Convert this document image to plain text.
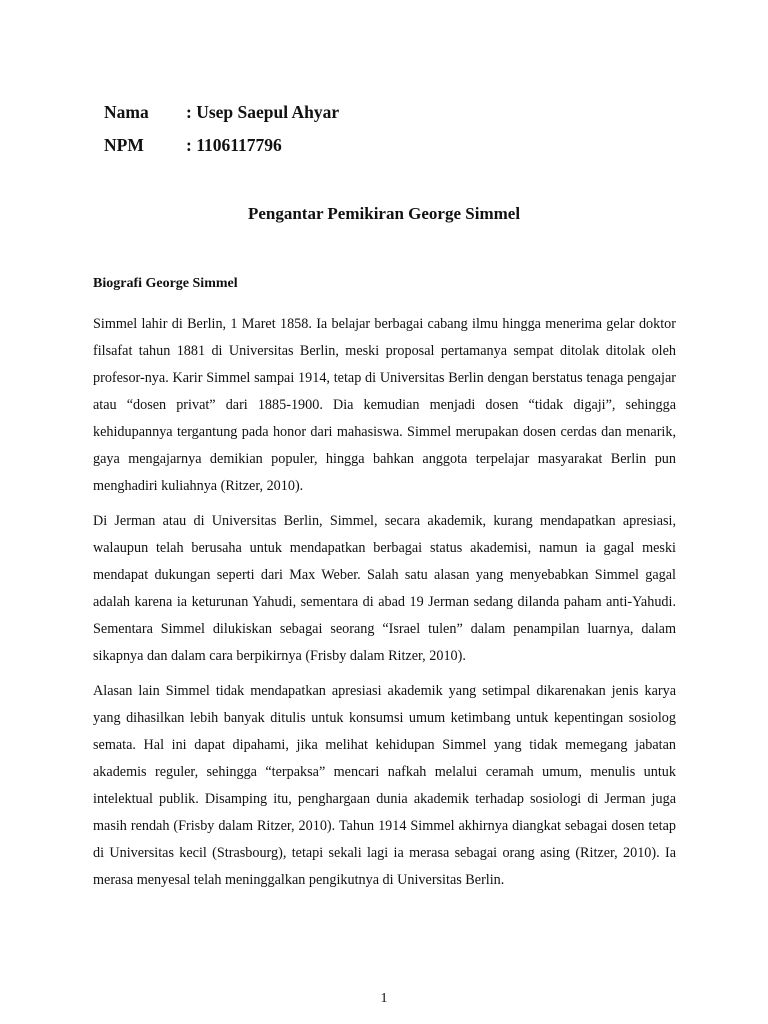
Nama : Usep Saepul Ahyar
NPM : 1106117796
Pengantar Pemikiran George Simmel
Biografi George Simmel

Simmel lahir di Berlin, 1 Maret 1858. Ia belajar berbagai cabang ilmu hingga menerima gelar doktor filsafat tahun 1881 di Universitas Berlin, meski proposal pertamanya sempat ditolak ditolak oleh profesor-nya. Karir Simmel sampai 1914, tetap di Universitas Berlin dengan berstatus tenaga pengajar atau “dosen privat” dari 1885-1900. Dia kemudian menjadi dosen “tidak digaji”, sehingga kehidupannya tergantung pada honor dari mahasiswa. Simmel merupakan dosen cerdas dan menarik, gaya mengajarnya demikian populer, hingga bahkan anggota terpelajar masyarakat Berlin pun menghadiri kuliahnya (Ritzer, 2010).

Di Jerman atau di Universitas Berlin, Simmel, secara akademik, kurang mendapatkan apresiasi, walaupun telah berusaha untuk mendapatkan berbagai status akademisi, namun ia gagal meski mendapat dukungan seperti dari Max Weber. Salah satu alasan yang menyebabkan Simmel gagal adalah karena ia keturunan Yahudi, sementara di abad 19 Jerman sedang dilanda paham anti-Yahudi. Sementara Simmel dilukiskan sebagai seorang “Israel tulen” dalam penampilan luarnya, dalam sikapnya dan dalam cara berpikirnya (Frisby dalam Ritzer, 2010).

Alasan lain Simmel tidak mendapatkan apresiasi akademik yang setimpal dikarenakan jenis karya yang dihasilkan lebih banyak ditulis untuk konsumsi umum ketimbang untuk kepentingan sosiolog semata. Hal ini dapat dipahami, jika melihat kehidupan Simmel yang tidak memegang jabatan akademis reguler, sehingga “terpaksa” mencari nafkah melalui ceramah umum, menulis untuk intelektual publik. Disamping itu, penghargaan dunia akademik terhadap sosiologi di Jerman juga masih rendah (Frisby dalam Ritzer, 2010). Tahun 1914 Simmel akhirnya diangkat sebagai dosen tetap di Universitas kecil (Strasbourg), tetapi sekali lagi ia merasa sebagai orang asing (Ritzer, 2010). Ia merasa menyesal telah meninggalkan pengikutnya di Universitas Berlin.

1
